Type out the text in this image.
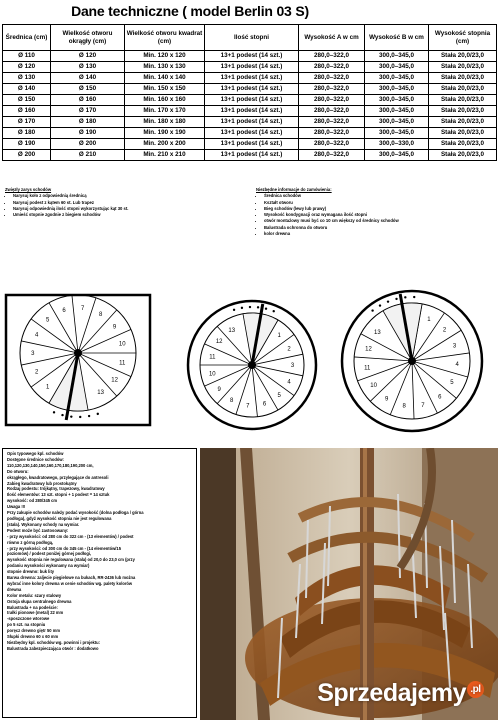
Dane techniczne ( model Berlin 03 S)
Średnica (cm)	Wielkość otworu okrągły (cm)	Wielkość otworu kwadrat (cm)	Ilość stopni	Wysokość A w cm	Wysokość B w cm	Wysokość stopnia (cm)
Ø 110	Ø 120	Min. 120 x 120	13+1 podest (14 szt.)	280,0–322,0	300,0–345,0	Stała 20,0/23,0
Ø 120	Ø 130	Min. 130 x 130	13+1 podest (14 szt.)	280,0–322,0	300,0–345,0	Stała 20,0/23,0
Ø 130	Ø 140	Min. 140 x 140	13+1 podest (14 szt.)	280,0–322,0	300,0–345,0	Stała 20,0/23,0
Ø 140	Ø 150	Min. 150 x 150	13+1 podest (14 szt.)	280,0–322,0	300,0–345,0	Stała 20,0/23,0
Ø 150	Ø 160	Min. 160 x 160	13+1 podest (14 szt.)	280,0–322,0	300,0–345,0	Stała 20,0/23,0
Ø 160	Ø 170	Min. 170 x 170	13+1 podest (14 szt.)	280,0–322,0	300,0–345,0	Stała 20,0/23,0
Ø 170	Ø 180	Min. 180 x 180	13+1 podest (14 szt.)	280,0–322,0	300,0–345,0	Stała 20,0/23,0
Ø 180	Ø 190	Min. 190 x 190	13+1 podest (14 szt.)	280,0–322,0	300,0–345,0	Stała 20,0/23,0
Ø 190	Ø 200	Min. 200 x 200	13+1 podest (14 szt.)	280,0–322,0	300,0–330,0	Stała 20,0/23,0
Ø 200	Ø 210	Min. 210 x 210	13+1 podest (14 szt.)	280,0–322,0	300,0–345,0	Stała 20,0/23,0
Zwięzły zarys schodów
• Narysuj koło z odpowiednią średnicą
• Narysuj podest z kątem 60 st. Lub trapez
• Narysuj odpowiednią ilość stopni wykorzystując kąt 30 st.
• Umieść stopnie zgodnie z biegiem schodów
Niezbędne informacje do zamówienia:
• Średnica schodów
• Kształt otworu
• Bieg schodów (lewy lub prawy)
• Wysokość kondygnacji oraz wymagana ilość stopni
• otwór montażowy musi być co 10 cm większy od średnicy schodów
• Balustrada ochronna do otworu
• kolor drewna
1
2
3
4
5
6	7
8
9
10
11
12
13
1
2
3
4
5
6
7
8
9
10
11
12
13
1
2
3
4
5
6
7
8
9
10
11
12
13
Opis typowego kpl. schodów
Dostępne średnice schodów:
110,120,130,140,150,160,170,180,190,200 cm,
Do otworu:
okrągłego, kwadratowego, przylegające do antresoli
Zabieg kwadratowy lub prostokątny
Rodzaj podestu: trójkątny, trapezowy, kwadratowy
Ilość elementów: 13 szt. stopni + 1 podest = 14 sztuk
wysokość: od 280/345 cm
Uwaga !!!
Przy zakupie schodów należy podać wysokość (dolna podłoga / górna
podłoga), gdyż wysokość stopnia nie jest regulowana
(stała). Wykonany schody na wymiar.
Podest może być zastosowany:
- przy wysokości: od 280 cm do 322 cm - (13 elementów) / podest
równo z górną podłogą,
- przy wysokości: od 300 cm do 345 cm - (14 elementów/15
poziomów) / podest poniżej górnej podłogi,
wysokość stopnia nie regulowana (stała) od 20,0 do 23,0 cm (przy
podaniu wysokości wykonamy na wymiar)
stopnie drewno: buk lity
Barwa drewna: zaljecie pięgielowe na bukach, RR-2436 lub można
wybrać inne kolory drewna w cenie schodów wg. palety kolorów
drewna
Kolor metalu: szary stalowy
Ostoja słupa centralnego drewna
Balustrada + na podeście:
trałki pionowe (metal) 22 mm
-sposzczone wtorowe
po 5 szt. na stopniu
poręcz drewno giętr 50 mm
Słupki drewno 60 x 60 mm
Niezbędny kpl. schodów wg. powinni i projektu:
Balustrada zabezpieczająca otwór : dodatkowo
Sprzedajemy .pl
